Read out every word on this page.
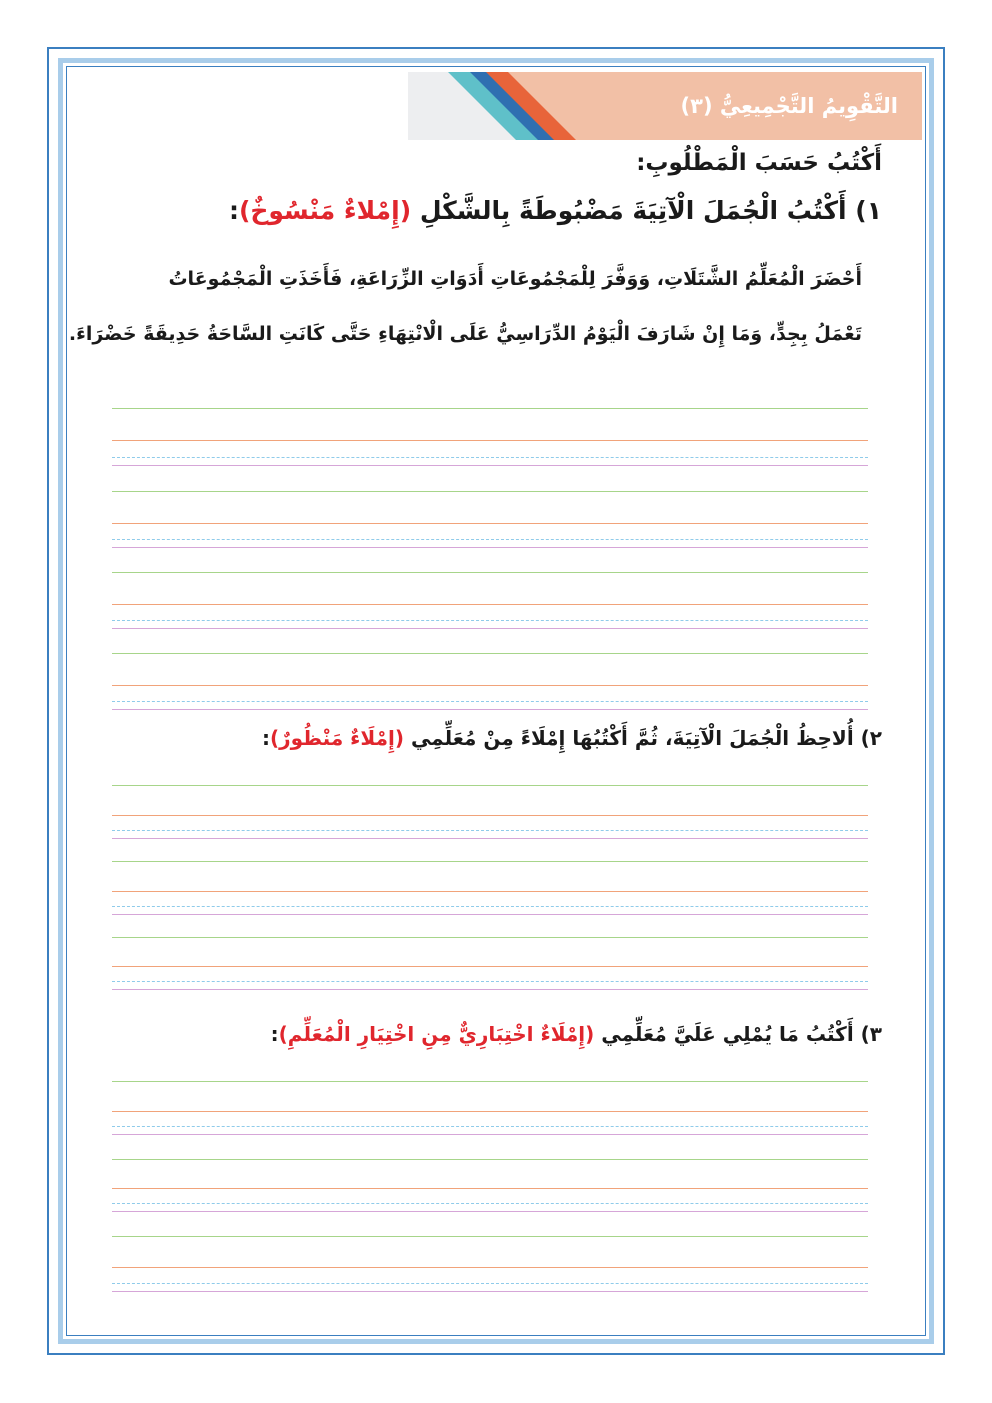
التَّقْوِيمُ التَّجْمِيعِيُّ (٣)
أَكْتُبُ حَسَبَ الْمَطْلُوبِ:
١) أَكْتُبُ الْجُمَلَ الْآتِيَةَ مَضْبُوطَةً بِالشَّكْلِ (إِمْلاءٌ مَنْسُوخٌ):
أَحْضَرَ الْمُعَلِّمُ الشَّتَلَاتِ، وَوَفَّرَ لِلْمَجْمُوعَاتِ أَدَوَاتِ الزِّرَاعَةِ، فَأَخَذَتِ الْمَجْمُوعَاتُ
تَعْمَلُ بِجِدٍّ، وَمَا إِنْ شَارَفَ الْيَوْمُ الدِّرَاسِيُّ عَلَى الْانْتِهَاءِ حَتَّى كَانَتِ السَّاحَةُ حَدِيقَةً خَضْرَاءَ.
٢) أُلاحِظُ الْجُمَلَ الْآتِيَةَ، ثُمَّ أَكْتُبُهَا إِمْلَاءً مِنْ مُعَلِّمِي (إِمْلَاءٌ مَنْظُورٌ):
٣) أَكْتُبُ مَا يُمْلِي عَلَيَّ مُعَلِّمِي (إِمْلَاءٌ اخْتِبَارِيٌّ مِنِ اخْتِيَارِ الْمُعَلِّمِ):
